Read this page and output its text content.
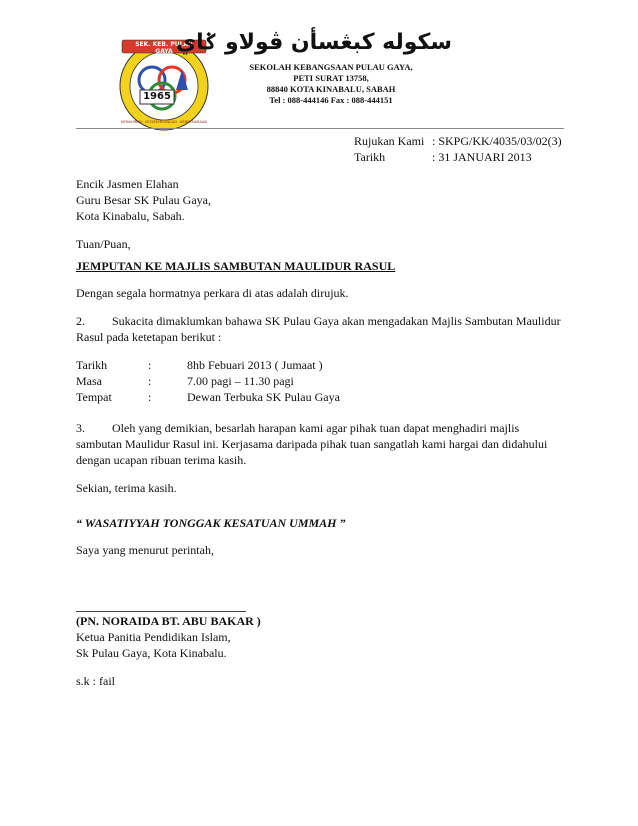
SEK. KEB. PULAU GAYA
1965
KEMAHIRAN · KECEMERLANGAN · KEBERSAMAAN
سكوله كبڠسأن ڤولاو ݢاي
SEKOLAH KEBANGSAAN PULAU GAYA,
PETI SURAT 13758,
88840 KOTA KINABALU, SABAH
Tel : 088-444146 Fax : 088-444151
Rujukan Kami : SKPG/KK/4035/03/02(3)
Tarikh	: 31 JANUARI 2013
Encik Jasmen Elahan
Guru Besar SK Pulau Gaya,
Kota Kinabalu, Sabah.
Tuan/Puan,
JEMPUTAN KE MAJLIS SAMBUTAN MAULIDUR RASUL
Dengan segala hormatnya perkara di atas adalah dirujuk.
2. Sukacita dimaklumkan bahawa SK Pulau Gaya akan mengadakan Majlis Sambutan Maulidur
Rasul pada ketetapan berikut :
Tarikh	:	8hb Febuari 2013 ( Jumaat )
Masa	:	7.00 pagi – 11.30 pagi
Tempat	:	Dewan Terbuka SK Pulau Gaya
3. Oleh yang demikian, besarlah harapan kami agar pihak tuan dapat menghadiri majlis
sambutan Maulidur Rasul ini. Kerjasama daripada pihak tuan sangatlah kami hargai dan didahului
dengan ucapan ribuan terima kasih.
Sekian, terima kasih.
“ WASATIYYAH TONGGAK KESATUAN UMMAH ”
Saya yang menurut perintah,
(PN. NORAIDA BT. ABU BAKAR )
Ketua Panitia Pendidikan Islam,
Sk Pulau Gaya, Kota Kinabalu.
s.k : fail
